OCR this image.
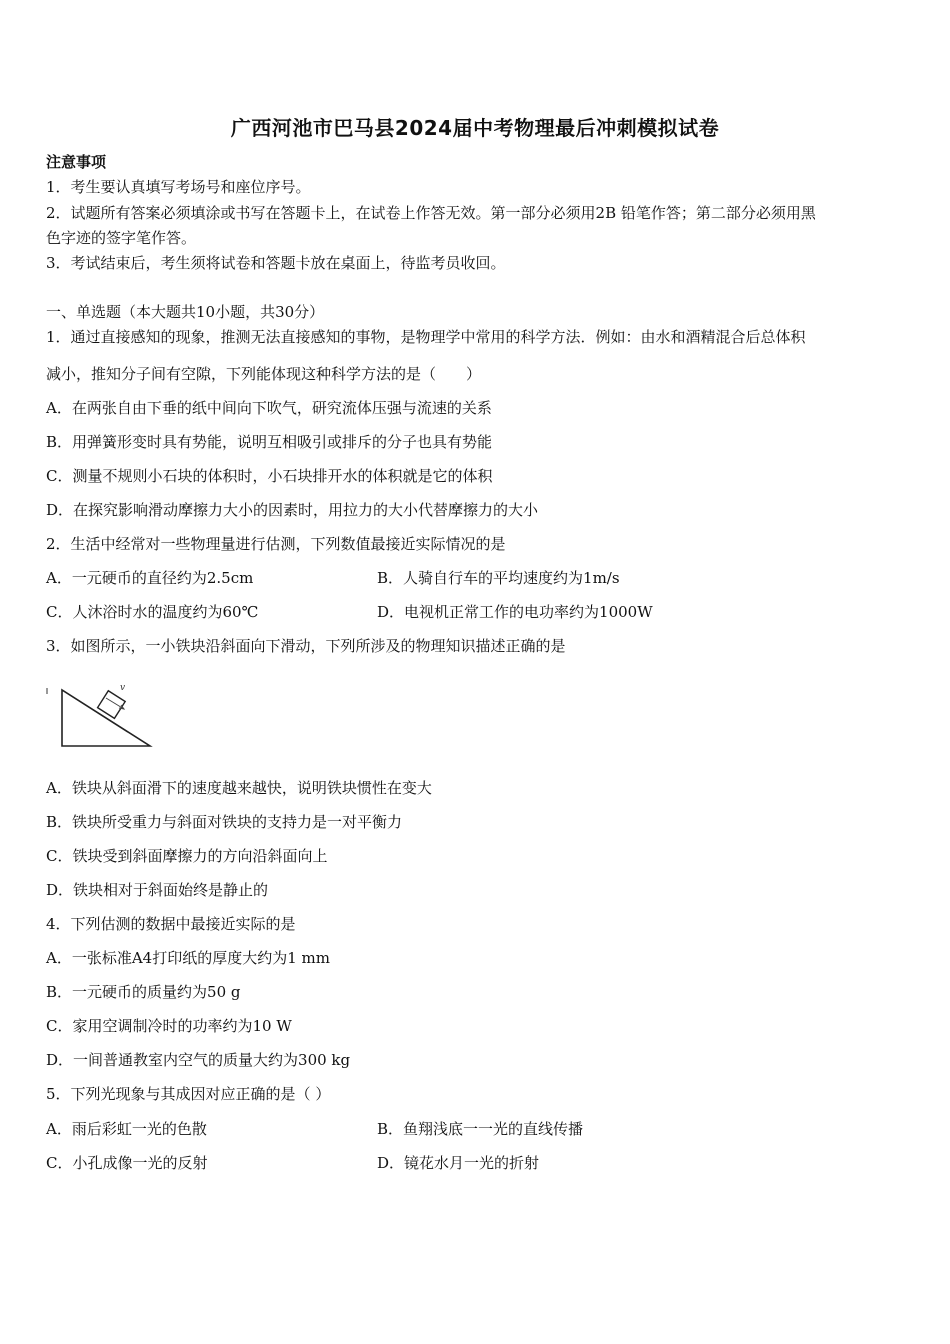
广西河池市巴马县2024届中考物理最后冲刺模拟试卷
注意事项
1．考生要认真填写考场号和座位序号。
2．试题所有答案必须填涂或书写在答题卡上，在试卷上作答无效。第一部分必须用2B 铅笔作答；第二部分必须用黑
色字迹的签字笔作答。
3．考试结束后，考生须将试卷和答题卡放在桌面上，待监考员收回。
一、单选题（本大题共10小题，共30分）
1．通过直接感知的现象，推测无法直接感知的事物，是物理学中常用的科学方法．例如：由水和酒精混合后总体积
减小，推知分子间有空隙，下列能体现这种科学方法的是（　　）
A．在两张自由下垂的纸中间向下吹气，研究流体压强与流速的关系
B．用弹簧形变时具有势能，说明互相吸引或排斥的分子也具有势能
C．测量不规则小石块的体积时，小石块排开水的体积就是它的体积
D．在探究影响滑动摩擦力大小的因素时，用拉力的大小代替摩擦力的大小
2．生活中经常对一些物理量进行估测，下列数值最接近实际情况的是
A．一元硬币的直径约为2.5cm	B．人骑自行车的平均速度约为1m/s
C．人沐浴时水的温度约为60℃	D．电视机正常工作的电功率约为1000W
3．如图所示，一小铁块沿斜面向下滑动，下列所涉及的物理知识描述正确的是
v
A．铁块从斜面滑下的速度越来越快，说明铁块惯性在变大
B．铁块所受重力与斜面对铁块的支持力是一对平衡力
C．铁块受到斜面摩擦力的方向沿斜面向上
D．铁块相对于斜面始终是静止的
4．下列估测的数据中最接近实际的是
A．一张标准A4打印纸的厚度大约为1 mm
B．一元硬币的质量约为50 g
C．家用空调制冷时的功率约为10 W
D．一间普通教室内空气的质量大约为300 kg
5．下列光现象与其成因对应正确的是（ ）
A．雨后彩虹一光的色散	B．鱼翔浅底一一光的直线传播
C．小孔成像一光的反射	D．镜花水月一光的折射
